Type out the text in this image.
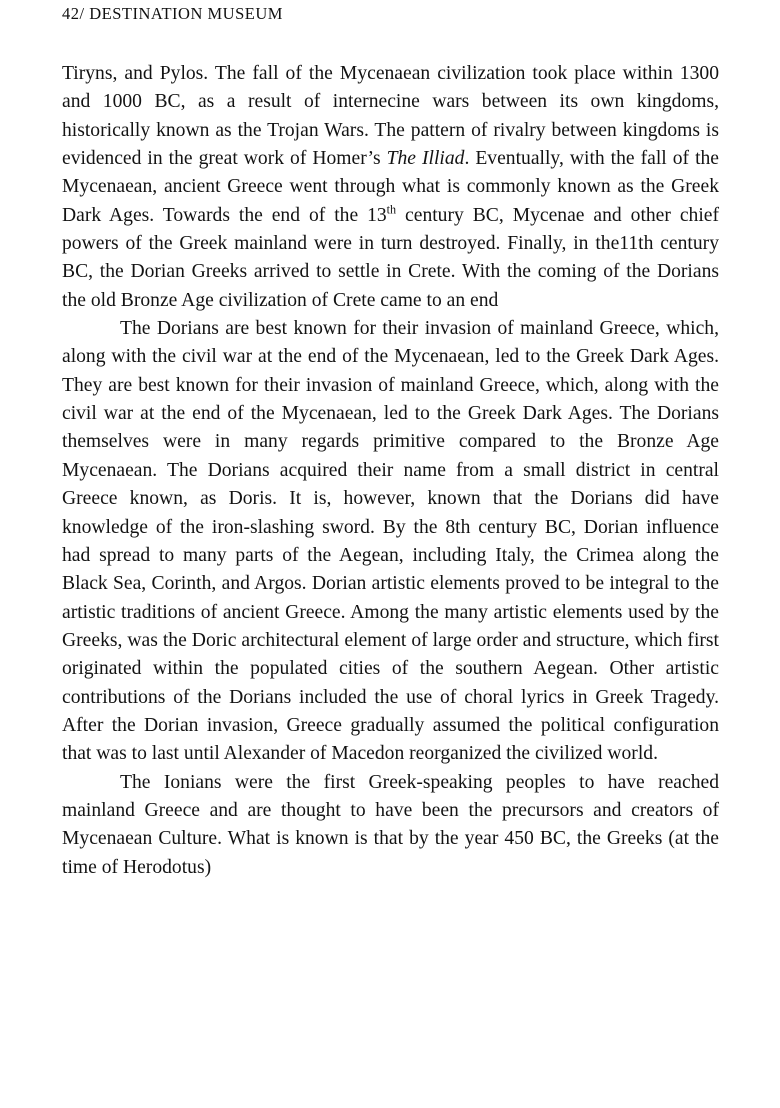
42/ DESTINATION MUSEUM

Tiryns, and Pylos. The fall of the Mycenaean civilization took place within 1300 and 1000 BC, as a result of internecine wars between its own kingdoms, historically known as the Trojan Wars. The pattern of rivalry between kingdoms is evidenced in the great work of Homer’s The Illiad. Eventually, with the fall of the Mycenaean, ancient Greece went through what is commonly known as the Greek Dark Ages. Towards the end of the 13th century BC, Mycenae and other chief powers of the Greek mainland were in turn destroyed. Finally, in the11th century BC, the Dorian Greeks arrived to settle in Crete. With the coming of the Dorians the old Bronze Age civilization of Crete came to an end

The Dorians are best known for their invasion of mainland Greece, which, along with the civil war at the end of the Mycenaean, led to the Greek Dark Ages. They are best known for their invasion of mainland Greece, which, along with the civil war at the end of the Mycenaean, led to the Greek Dark Ages. The Dorians themselves were in many regards primitive compared to the Bronze Age Mycenaean. The Dorians acquired their name from a small district in central Greece known, as Doris. It is, however, known that the Dorians did have knowledge of the iron-slashing sword. By the 8th century BC, Dorian influence had spread to many parts of the Aegean, including Italy, the Crimea along the Black Sea, Corinth, and Argos. Dorian artistic elements proved to be integral to the artistic traditions of ancient Greece. Among the many artistic elements used by the Greeks, was the Doric architectural element of large order and structure, which first originated within the populated cities of the southern Aegean. Other artistic contributions of the Dorians included the use of choral lyrics in Greek Tragedy. After the Dorian invasion, Greece gradually assumed the political configuration that was to last until Alexander of Macedon reorganized the civilized world.

The Ionians were the first Greek-speaking peoples to have reached mainland Greece and are thought to have been the precursors and creators of Mycenaean Culture. What is known is that by the year 450 BC, the Greeks (at the time of Herodotus)
